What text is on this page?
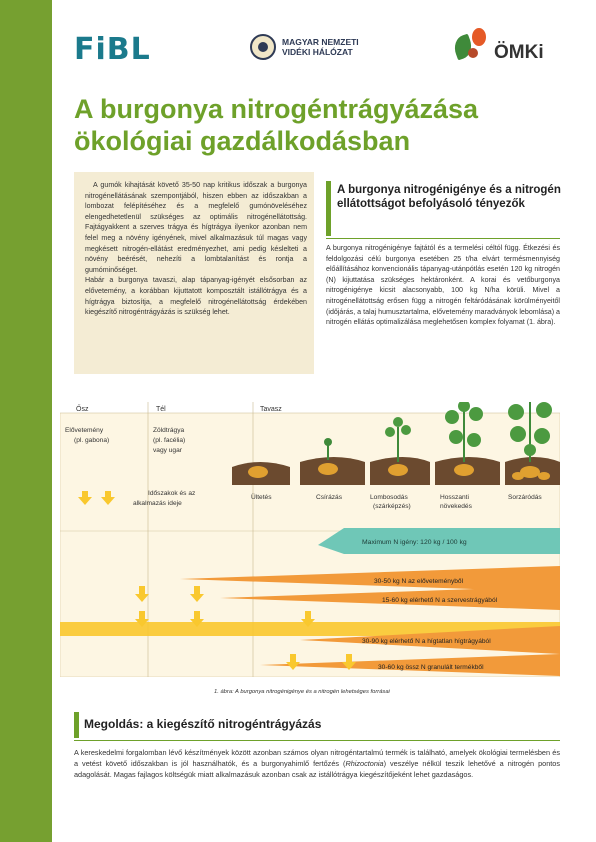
FiBL	MAGYAR NEMZETI
VIDÉKI HÁLÓZAT	ÖMKi
A burgonya nitrogéntrágyázása
ökológiai gazdálkodásban
A gumók kihajtását követő 35-50 nap kritikus időszak a burgonya nitrogénellátásának szempontjából, hiszen ebben az időszakban a lombozat felépítéséhez és a megfelelő gumónöveléséhez elengedhetetlenül szükséges az optimális nitrogénellátottság. Fajtágyakkent a szerves trágya és hígtrágya ilyenkor azonban nem felel meg a növény igényének, mivel alkalmazásuk túl magas vagy megkésett nitrogén-ellátást eredményezhet, ami pedig késlelteti a növény beérését, nehezíti a lombtalanítást és rontja a gumóminőséget.
Habár a burgonya tavaszi, alap tápanyag-igényét elsősorban az elővetemény, a korábban kijuttatott komposztált istállótrágya és a hígtrágya biztosítja, a megfelelő nitrogénellátottság érdekében kiegészítő nitrogéntrágyázás is szükség lehet.
A burgonya nitrogénigénye és a nitrogén ellátottságot befolyásoló tényezők
A burgonya nitrogénigénye fajtától és a termelési céltól függ. Étkezési és feldolgozási célú burgonya esetében 25 t/ha elvárt termésmennyiség előállításához konvencionális tápanyag-utánpótlás esetén 120 kg nitrogén (N) kijuttatása szükséges hektáronként. A korai és vetőburgonya nitrogénigénye kicsit alacsonyabb, 100 kg N/ha körüli. Mivel a nitrogénellátottság erősen függ a nitrogén feltáródásának körülményeitől (időjárás, a talaj humusztartalma, elővetemény maradványok lebomlása) a nitrogén ellátás optimalizálása meglehetősen komplex folyamat (1. ábra).
Ősz	Tél	Tavasz
Elővetemény
(pl. gabona)
Zöldtrágya
(pl. facélia)
vagy ugar
Időszakok és az
alkalmazás ideje
Ültetés	Csírázás	Lombosodás
(szárképzés)
Hosszanti
növekedés
Sorzáródás
Maximum N igény: 120 kg / 100 kg
30-50 kg N az előveteményből
15-60 kg elérhető N a szervestrágyából
30-90 kg elérhető N a hígtatlan hígtrágyából
30-60 kg össz N granulált termékből
1. ábra: A burgonya nitrogénigénye és a nitrogén lehetséges forrásai
Megoldás: a kiegészítő nitrogéntrágyázás
A kereskedelmi forgalomban lévő készítmények között azonban számos olyan nitrogéntartalmú termék is található, amelyek ökológiai termelésben és a vetést követő időszakban is jól használhatók, és a burgonyahimlő fertőzés (Rhizoctonia) veszélye nélkül teszik lehetővé a nitrogén pontos adagolását. Magas fajlagos költségük miatt alkalmazásuk azonban csak az istállótrágya kiegészítőjeként lehet gazdaságos.
